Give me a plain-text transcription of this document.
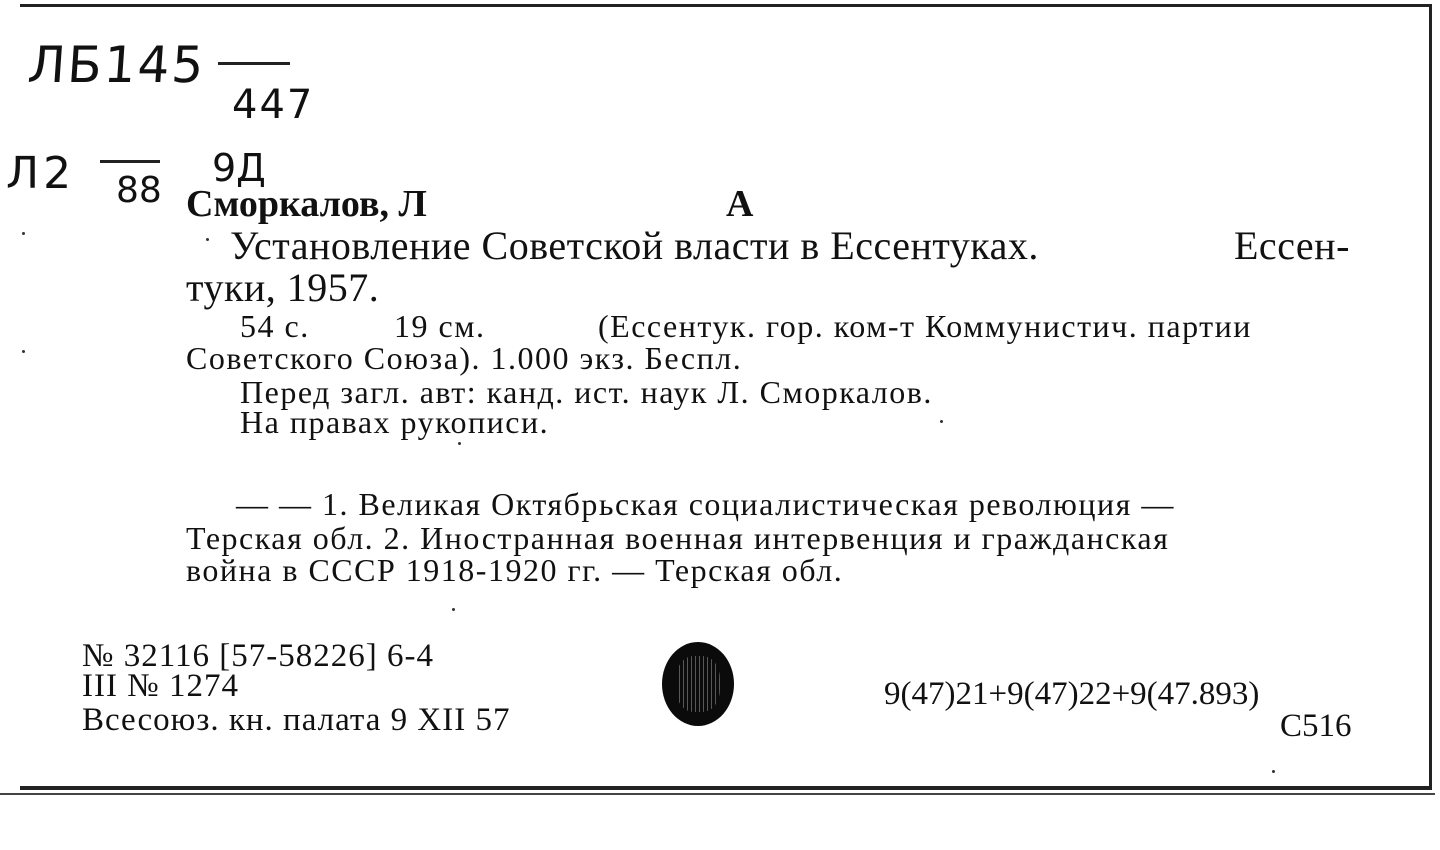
ЛБ145
447
Л2	9Д
88 Сморкалов, Л	А
Установление Советской власти в Ессентуках.	Ессен-
туки, 1957.
54 с.	19 см.	(Ессентук. гор. ком-т Коммунистич. партии
Советского Союза). 1.000 экз. Беспл.
Перед загл. авт: канд. ист. наук Л. Сморкалов.
На правах рукописи.
— — 1. Великая Октябрьская социалистическая революция —
Терская обл. 2. Иностранная военная интервенция и гражданская
война в СССР 1918-1920 гг. — Терская обл.
№ 32116 [57-58226] 6-4
III № 1274
Всесоюз. кн. палата 9 XII 57
9(47)21+9(47)22+9(47.893)
С516
